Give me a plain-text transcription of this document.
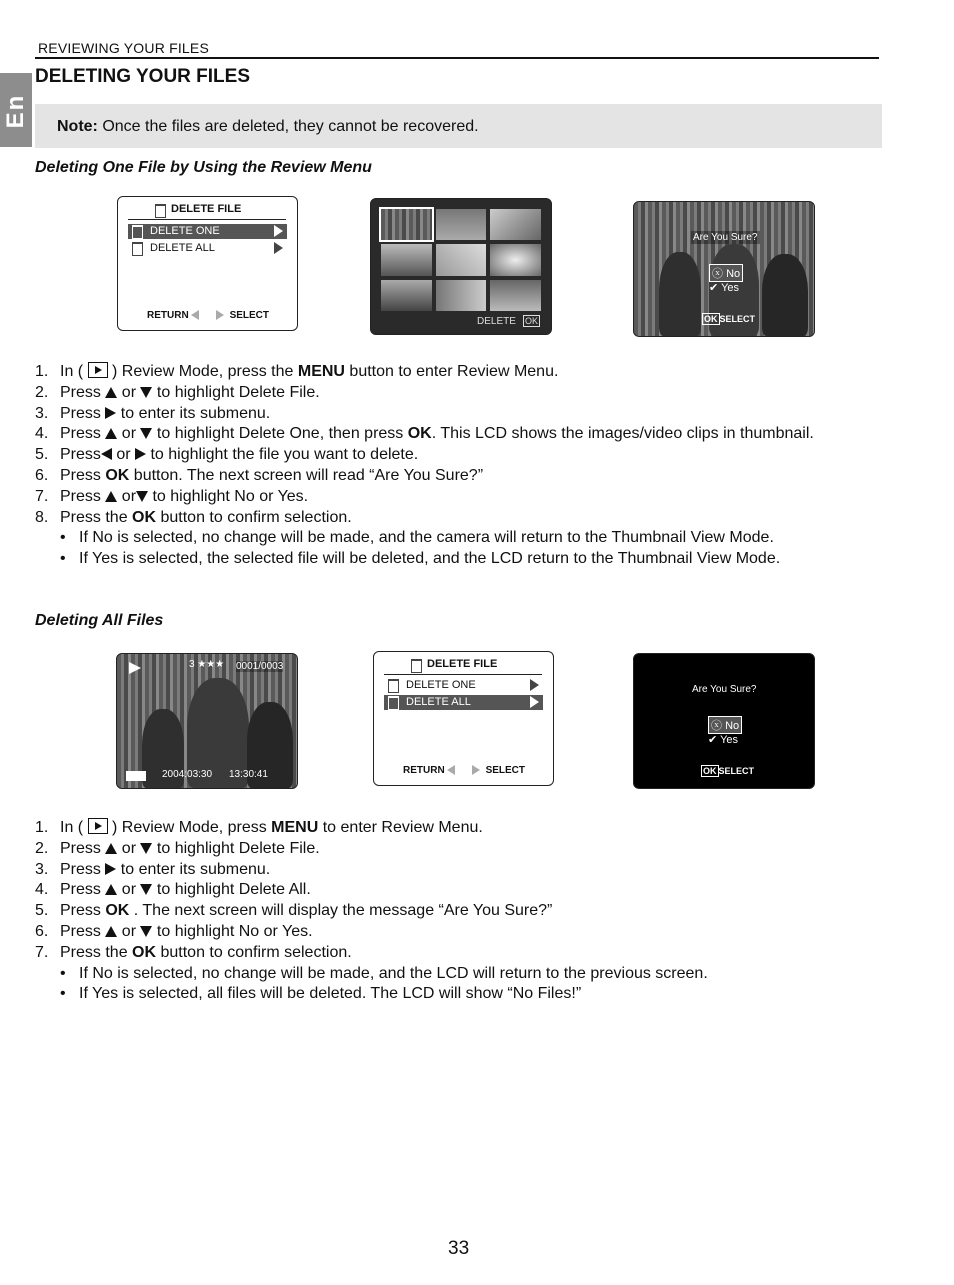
REVIEWING YOUR FILES
En
DELETING YOUR FILES
Note: Once the files are deleted, they cannot be recovered.
Deleting One File by Using the Review Menu
DELETE FILE
DELETE ONE
DELETE ALL
RETURN	SELECT
DELETE OK
Are You Sure?
ⓧ No
✔ Yes
OK SELECT
1. In (  ) Review Mode, press the MENU button to enter Review Menu.
2. Press  or  to highlight Delete File.
3. Press  to enter its submenu.
4. Press  or  to highlight Delete One, then press OK. This LCD shows the images/video clips in thumbnail.
5. Press or  to highlight the file you want to delete.
6. Press OK button. The next screen will read “Are You Sure?”
7. Press  or to highlight No or Yes.
8. Press the OK button to confirm selection.
• If No is selected, no change will be made, and the camera will return to the Thumbnail View Mode.
• If Yes is selected, the selected file will be deleted, and the LCD return to the Thumbnail View Mode.
Deleting All Files
3 ★★★ 0001/0003
2004:03:30 13:30:41
DELETE FILE
DELETE ONE
DELETE ALL
RETURN	SELECT
Are You Sure?
ⓧ No
✔ Yes
OK SELECT
1. In (  ) Review Mode, press MENU to enter Review Menu.
2. Press  or  to highlight Delete File.
3. Press  to enter its submenu.
4. Press  or  to highlight Delete All.
5. Press OK . The next screen will display the message “Are You Sure?”
6. Press  or  to highlight No or Yes.
7. Press the OK button to confirm selection.
• If No is selected, no change will be made, and the LCD will return to the previous screen.
• If Yes is selected, all files will be deleted. The LCD will show “No Files!”
33
